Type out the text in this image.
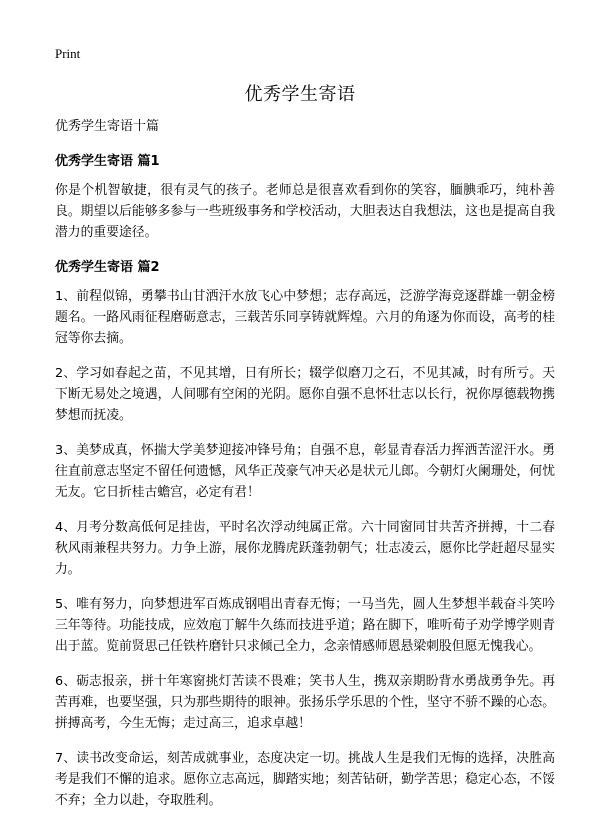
Print
优秀学生寄语

优秀学生寄语十篇

优秀学生寄语 篇1

你是个机智敏捷，很有灵气的孩子。老师总是很喜欢看到你的笑容，腼腆乖巧，纯朴善良。期望以后能够多参与一些班级事务和学校活动，大胆表达自我想法，这也是提高自我潜力的重要途径。

优秀学生寄语 篇2

1、前程似锦，勇攀书山甘洒汗水放飞心中梦想；志存高远，泛游学海竞逐群雄一朝金榜题名。一路风雨征程磨砺意志，三载苦乐同享铸就辉煌。六月的角逐为你而设，高考的桂冠等你去摘。

2、学习如春起之苗，不见其增，日有所长；辍学似磨刀之石，不见其减，时有所亏。天下断无易处之境遇，人间哪有空闲的光阴。愿你自强不息怀壮志以长行，祝你厚德载物携梦想而抚凌。

3、美梦成真，怀揣大学美梦迎接冲锋号角；自强不息，彰显青春活力挥洒苦涩汗水。勇往直前意志坚定不留任何遗憾，风华正茂豪气冲天必是状元儿郎。今朝灯火阑珊处，何忧无友。它日折桂古蟾宫，必定有君！

4、月考分数高低何足挂齿，平时名次浮动纯属正常。六十同窗同甘共苦齐拼搏，十二春秋风雨兼程共努力。力争上游，展你龙腾虎跃蓬勃朝气；壮志凌云，愿你比学赶超尽显实力。

5、唯有努力，向梦想进军百炼成钢唱出青春无悔；一马当先，圆人生梦想半载奋斗笑吟三年等待。功能技成，应效庖丁解牛久练而技进乎道；路在脚下，唯听荀子劝学博学则青出于蓝。览前贤思己任铁杵磨针只求倾己全力，念亲情感师恩悬梁刺股但愿无愧我心。

6、砺志报亲，拼十年寒窗挑灯苦读不畏难；笑书人生，携双亲期盼背水勇战勇争先。再苦再难，也要坚强，只为那些期待的眼神。张扬乐学乐思的个性，坚守不骄不躁的心态。拼搏高考，今生无悔；走过高三，追求卓越！

7、读书改变命运，刻苦成就事业，态度决定一切。挑战人生是我们无悔的选择，决胜高考是我们不懈的追求。愿你立志高远，脚踏实地；刻苦钻研，勤学苦思；稳定心态，不馁不弃；全力以赴，夺取胜利。
